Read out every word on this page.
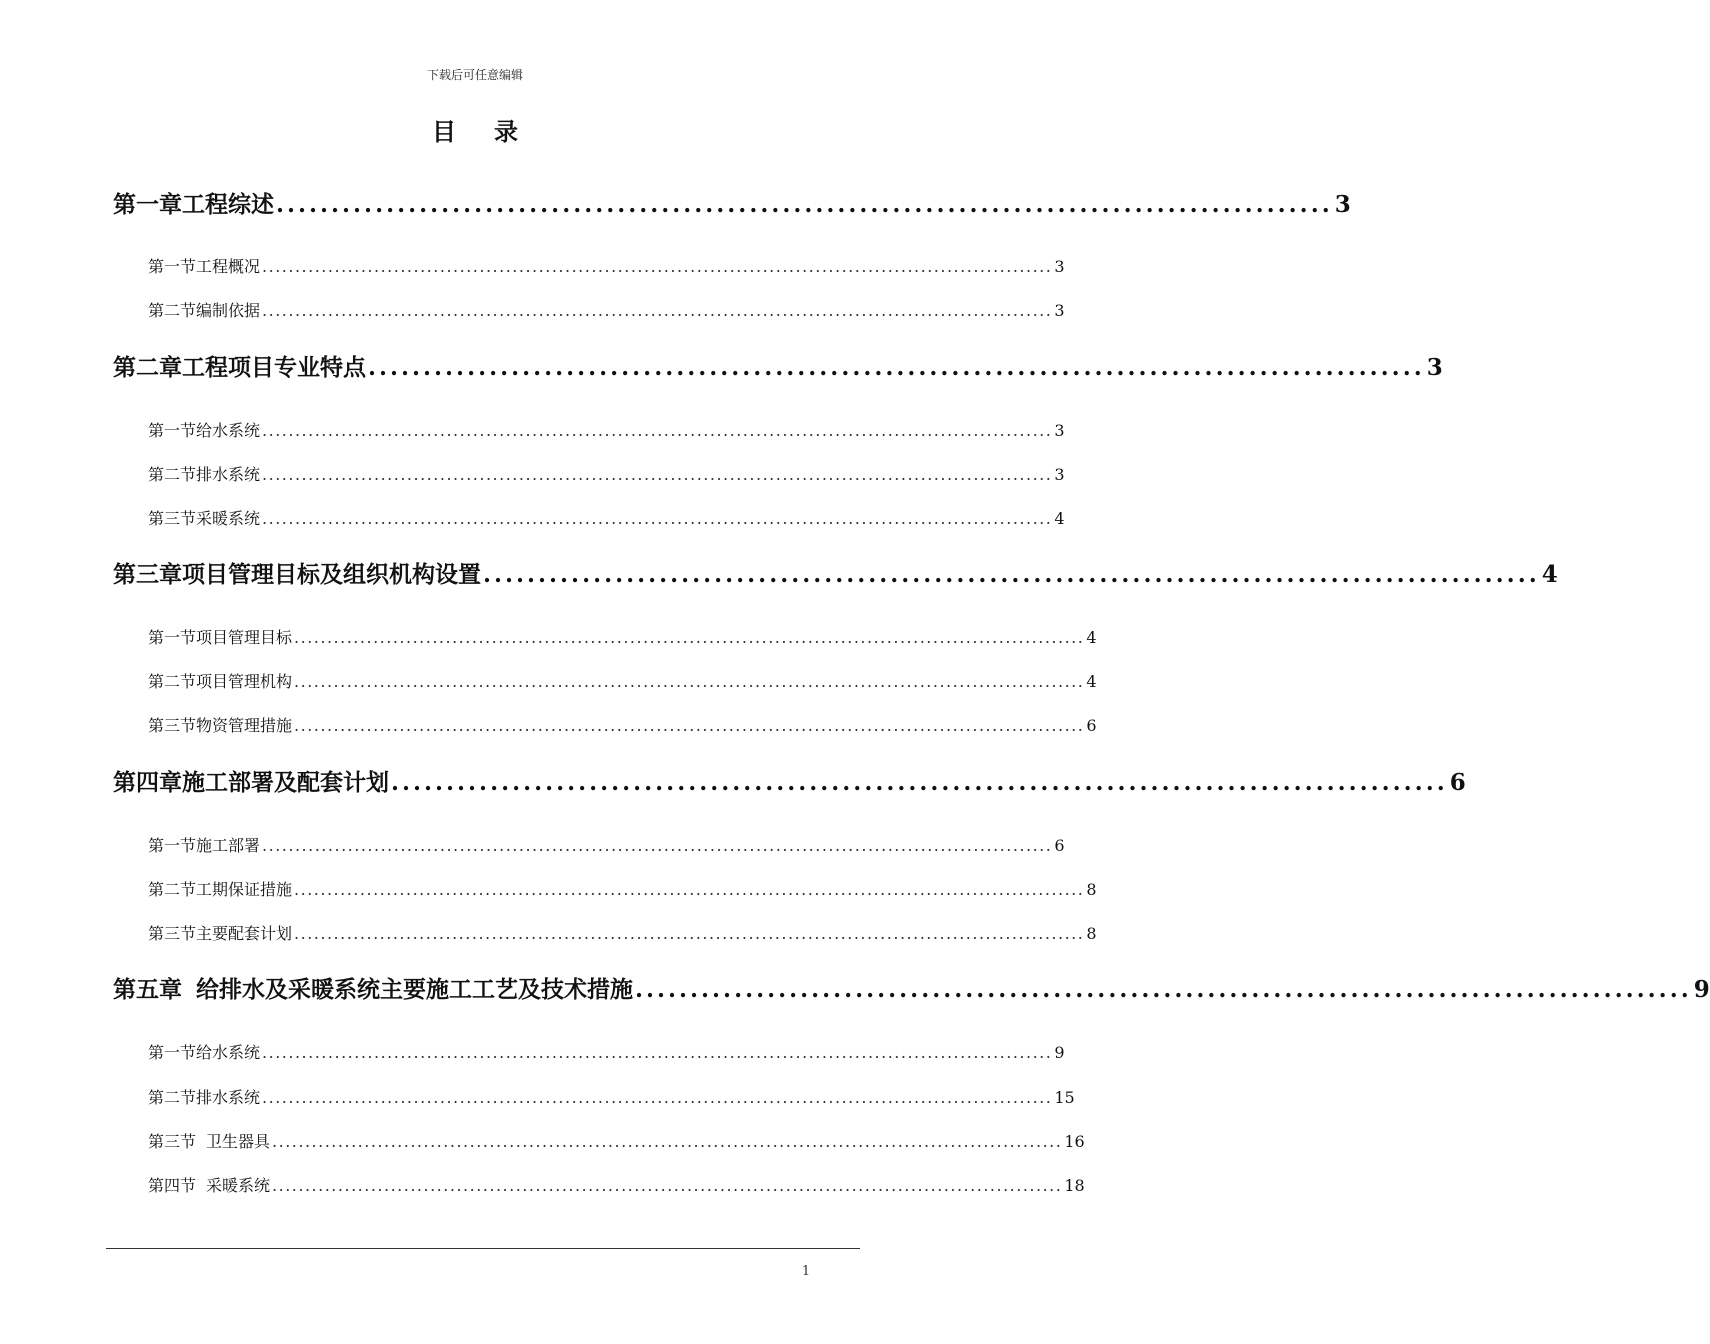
下载后可任意编辑
目录
第一章 工程综述 ................................................................................................ 3
第一节 工程概况 ........................................................................................................................ 3
第二节 编制依据 ........................................................................................................................ 3
第二章 工程项目专业特点 ................................................................................................ 3
第一节 给水系统 ........................................................................................................................ 3
第二节 排水系统 ........................................................................................................................ 3
第三节 采暖系统 ........................................................................................................................ 4
第三章 项目管理目标及组织机构设置 ................................................................................................ 4
第一节 项目管理目标 ........................................................................................................................ 4
第二节 项目管理机构 ........................................................................................................................ 4
第三节 物资管理措施 ........................................................................................................................ 6
第四章 施工部署及配套计划 ................................................................................................ 6
第一节 施工部署 ........................................................................................................................ 6
第二节 工期保证措施 ........................................................................................................................ 8
第三节 主要配套计划 ........................................................................................................................ 8
第五章 给排水及采暖系统主要施工工艺及技术措施 ................................................................................................ 9
第一节 给水系统 ........................................................................................................................ 9
第二节 排水系统 ........................................................................................................................ 15
第三节 卫生器具 ........................................................................................................................ 16
第四节 采暖系统 ........................................................................................................................ 18
1
